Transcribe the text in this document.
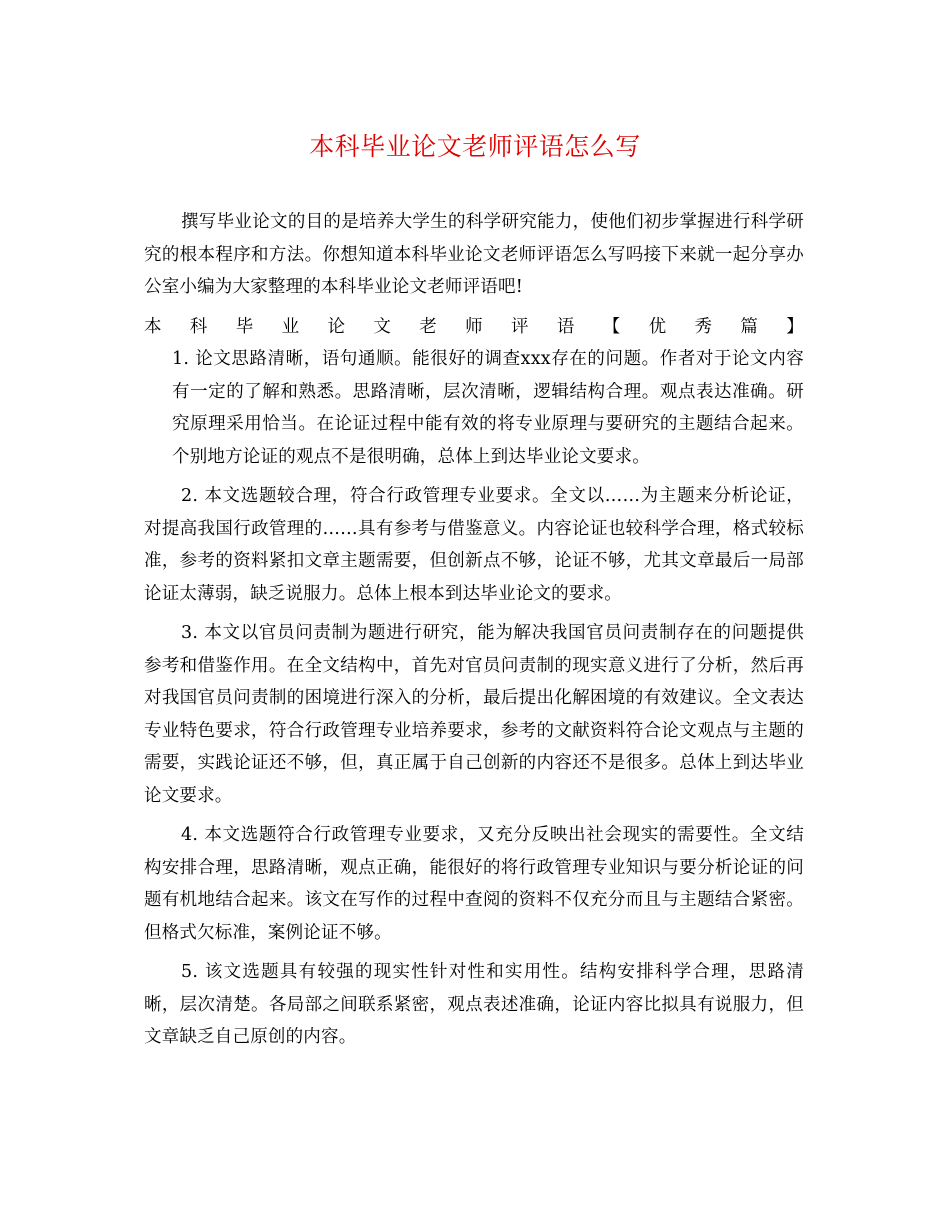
本科毕业论文老师评语怎么写

撰写毕业论文的目的是培养大学生的科学研究能力，使他们初步掌握进行科学研究的根本程序和方法。你想知道本科毕业论文老师评语怎么写吗接下来就一起分享办公室小编为大家整理的本科毕业论文老师评语吧!

本科毕业论文老师评语【优秀篇】1. 论文思路清晰，语句通顺。能很好的调查xxx存在的问题。作者对于论文内容有一定的了解和熟悉。思路清晰，层次清晰，逻辑结构合理。观点表达准确。研究原理采用恰当。在论证过程中能有效的将专业原理与要研究的主题结合起来。个别地方论证的观点不是很明确，总体上到达毕业论文要求。

2. 本文选题较合理，符合行政管理专业要求。全文以……为主题来分析论证，对提高我国行政管理的……具有参考与借鉴意义。内容论证也较科学合理，格式较标准，参考的资料紧扣文章主题需要，但创新点不够，论证不够，尤其文章最后一局部论证太薄弱，缺乏说服力。总体上根本到达毕业论文的要求。

3. 本文以官员问责制为题进行研究，能为解决我国官员问责制存在的问题提供参考和借鉴作用。在全文结构中，首先对官员问责制的现实意义进行了分析，然后再对我国官员问责制的困境进行深入的分析，最后提出化解困境的有效建议。全文表达专业特色要求，符合行政管理专业培养要求，参考的文献资料符合论文观点与主题的需要，实践论证还不够，但，真正属于自己创新的内容还不是很多。总体上到达毕业论文要求。

4. 本文选题符合行政管理专业要求，又充分反映出社会现实的需要性。全文结构安排合理，思路清晰，观点正确，能很好的将行政管理专业知识与要分析论证的问题有机地结合起来。该文在写作的过程中查阅的资料不仅充分而且与主题结合紧密。但格式欠标准，案例论证不够。

5. 该文选题具有较强的现实性针对性和实用性。结构安排科学合理，思路清晰，层次清楚。各局部之间联系紧密，观点表述准确，论证内容比拟具有说服力，但文章缺乏自己原创的内容。
